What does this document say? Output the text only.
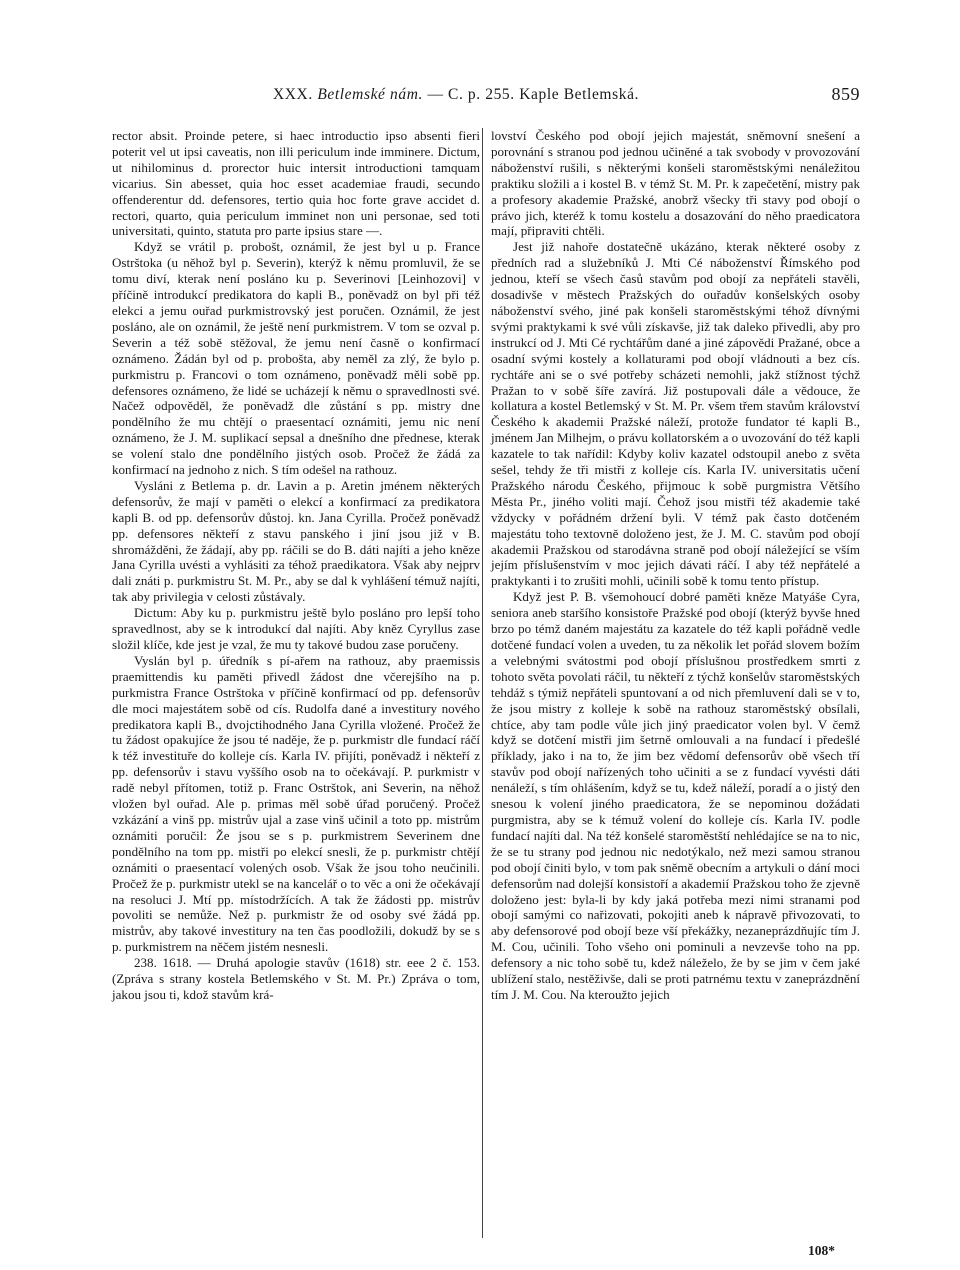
XXX. Betlemské nám. — C. p. 255. Kaple Betlemská.	859

rector absit. Proinde petere, si haec introductio ipso absenti fieri poterit vel ut ipsi caveatis, non illi periculum inde imminere. Dictum, ut nihilominus d. prorector huic intersit introductioni tamquam vicarius. Sin abesset, quia hoc esset academiae fraudi, secundo offenderentur dd. defensores, tertio quia hoc forte grave accidet d. rectori, quarto, quia periculum imminet non uni personae, sed toti universitati, quinto, statuta pro parte ipsius stare —.

Když se vrátil p. probošt, oznámil, že jest byl u p. France Ostrštoka (u něhož byl p. Severin), kterýž k němu promluvil, že se tomu diví, kterak není posláno ku p. Severinovi [Leinhozovi] v příčině introdukcí predikatora do kapli B., poněvadž on byl při též elekci a jemu ouřad purkmistrovský jest poručen. Oznámil, že jest posláno, ale on oznámil, že ještě není purkmistrem. V tom se ozval p. Severin a též sobě stěžoval, že jemu není časně o konfirmací oznámeno. Žádán byl od p. probošta, aby neměl za zlý, že bylo p. purkmistru p. Francovi o tom oznámeno, poněvadž měli sobě pp. defensores oznámeno, že lidé se ucházejí k němu o spravedlnosti své. Načež odpověděl, že poněvadž dle zůstání s pp. mistry dne pondělního že mu chtějí o praesentací oznámiti, jemu nic není oznámeno, že J. M. suplikací sepsal a dnešního dne přednese, kterak se volení stalo dne pondělního jistých osob. Pročež že žádá za konfirmací na jednoho z nich. S tím odešel na rathouz.

Vysláni z Betlema p. dr. Lavin a p. Aretin jménem některých defensorův, že mají v paměti o elekcí a konfirmací za predikatora kapli B. od pp. defensorův důstoj. kn. Jana Cyrilla. Pročež poněvadž pp. defensores někteří z stavu panského i jiní jsou již v B. shromážděni, že žádají, aby pp. ráčili se do B. dáti najíti a jeho kněze Jana Cyrilla uvésti a vyhlásiti za téhož praedikatora. Však aby nejprv dali znáti p. purkmistru St. M. Pr., aby se dal k vyhlášení témuž najíti, tak aby privilegia v celosti zůstávaly.

Dictum: Aby ku p. purkmistru ještě bylo posláno pro lepší toho spravedlnost, aby se k introdukcí dal najíti. Aby kněz Cyryllus zase složil klíče, kde jest je vzal, že mu ty takové budou zase poručeny.

Vyslán byl p. úředník s pí-ařem na rathouz, aby praemissis praemittendis ku paměti přivedl žádost dne včerejšího na p. purkmistra France Ostrštoka v příčině konfirmací od pp. defensorův dle moci majestátem sobě od cís. Rudolfa dané a investitury nového predikatora kapli B., dvojctihodného Jana Cyrilla vložené. Pročež že tu žádost opakujíce že jsou té naděje, že p. purkmistr dle fundací ráčí k též investituře do kolleje cís. Karla IV. přijíti, poněvadž i někteří z pp. defensorův i stavu vyššího osob na to očekávají. P. purkmistr v radě nebyl přítomen, totiž p. Franc Ostrštok, ani Severin, na něhož vložen byl ouřad. Ale p. primas měl sobě úřad poručený. Pročež vzkázání a vinš pp. mistrův ujal a zase vinš učinil a toto pp. mistrům oznámiti poručil: Že jsou se s p. purkmistrem Severinem dne pondělního na tom pp. mistři po elekcí snesli, že p. purkmistr chtějí oznámiti o praesentací volených osob. Však že jsou toho neučinili. Pročež že p. purkmistr utekl se na kancelář o to věc a oni že očekávají na resoluci J. Mtí pp. místodržících. A tak že žádosti pp. mistrův povoliti se nemůže. Než p. purkmistr že od osoby své žádá pp. mistrův, aby takové investitury na ten čas poodložili, dokudž by se s p. purkmistrem na něčem jistém nesnesli.

238. 1618. — Druhá apologie stavův (1618) str. eee 2 č. 153. (Zpráva s strany kostela Betlemského v St. M. Pr.) Zpráva o tom, jakou jsou ti, kdož stavům krá-

lovství Českého pod obojí jejich majestát, sněmovní snešení a porovnání s stranou pod jednou učiněné a tak svobody v provozování náboženství rušili, s některými konšeli staroměstskými nenáležitou praktiku složili a i kostel B. v témž St. M. Pr. k zapečetění, mistry pak a profesory akademie Pražské, anobrž všecky tři stavy pod obojí o právo jich, kteréž k tomu kostelu a dosazování do něho praedicatora mají, připraviti chtěli.

Jest již nahoře dostatečně ukázáno, kterak některé osoby z předních rad a služebníků J. Mti Cé náboženství Římského pod jednou, kteří se všech časů stavům pod obojí za nepřáteli stavěli, dosadivše v městech Pražských do ouřadův konšelských osoby náboženství svého, jiné pak konšeli staroměstskými téhož dívnými svými praktykami k své vůli získavše, již tak daleko přivedli, aby pro instrukcí od J. Mti Cé rychtářům dané a jiné zápovědi Pražané, obce a osadní svými kostely a kollaturami pod obojí vládnouti a bez cís. rychtáře ani se o své potřeby scházeti nemohli, jakž stížnost týchž Pražan to v sobě šíře zavírá. Již postupovali dále a vědouce, že kollatura a kostel Betlemský v St. M. Pr. všem třem stavům království Českého k akademii Pražské náleží, protože fundator té kapli B., jménem Jan Milhejm, o právu kollatorském a o uvozování do též kapli kazatele to tak nařídil: Kdyby koliv kazatel odstoupil anebo z světa sešel, tehdy že tři mistři z kolleje cís. Karla IV. universitatis učení Pražského národu Českého, přijmouc k sobě purgmistra Většího Města Pr., jiného voliti mají. Čehož jsou mistři též akademie také vždycky v pořádném držení byli. V témž pak často dotčeném majestátu toho textovně doloženo jest, že J. M. C. stavům pod obojí akademii Pražskou od starodávna straně pod obojí náležející se vším jejím příslušenstvím v moc jejich dávati ráčí. I aby též nepřátelé a praktykanti i to zrušiti mohli, učinili sobě k tomu tento přístup.

Když jest P. B. všemohoucí dobré paměti kněze Matyáše Cyra, seniora aneb staršího konsistoře Pražské pod obojí (kterýž byvše hned brzo po témž daném majestátu za kazatele do též kapli pořádně vedle dotčené fundací volen a uveden, tu za několik let pořád slovem božím a velebnými svátostmi pod obojí příslušnou prostředkem smrti z tohoto světa povolati ráčil, tu někteří z týchž konšelův staroměstských tehdáž s týmiž nepřáteli spuntovaní a od nich přemluvení dali se v to, že jsou mistry z kolleje k sobě na rathouz staroměstský obsílali, chtíce, aby tam podle vůle jich jiný praedicator volen byl. V čemž když se dotčení mistři jim šetrně omlouvali a na fundací i předešlé příklady, jako i na to, že jim bez vědomí defensorův obě všech tří stavův pod obojí nařízených toho učiniti a se z fundací vyvésti dáti nenáleží, s tím ohlášením, když se tu, kdež náleží, poradí a o jistý den snesou k volení jiného praedicatora, že se nepominou dožádati purgmistra, aby se k témuž volení do kolleje cís. Karla IV. podle fundací najíti dal. Na též konšelé staroměstští nehlédajíce se na to nic, že se tu strany pod jednou nic nedotýkalo, než mezi samou stranou pod obojí činiti bylo, v tom pak sněmě obecním a artykuli o dání moci defensorům nad dolejší konsistoří a akademií Pražskou toho že zjevně doloženo jest: byla-li by kdy jaká potřeba mezi nimi stranami pod obojí samými co nařizovati, pokojiti aneb k nápravě přivozovati, to aby defensorové pod obojí beze vší překážky, nezaneprázdňujíc tím J. M. Cou, učinili. Toho všeho oni pominuli a nevzevše toho na pp. defensory a nic toho sobě tu, kdež náleželo, že by se jim v čem jaké ublížení stalo, nestěživše, dali se proti patrnému textu v zaneprázdnění tím J. M. Cou. Na kteroužto jejich

108*
